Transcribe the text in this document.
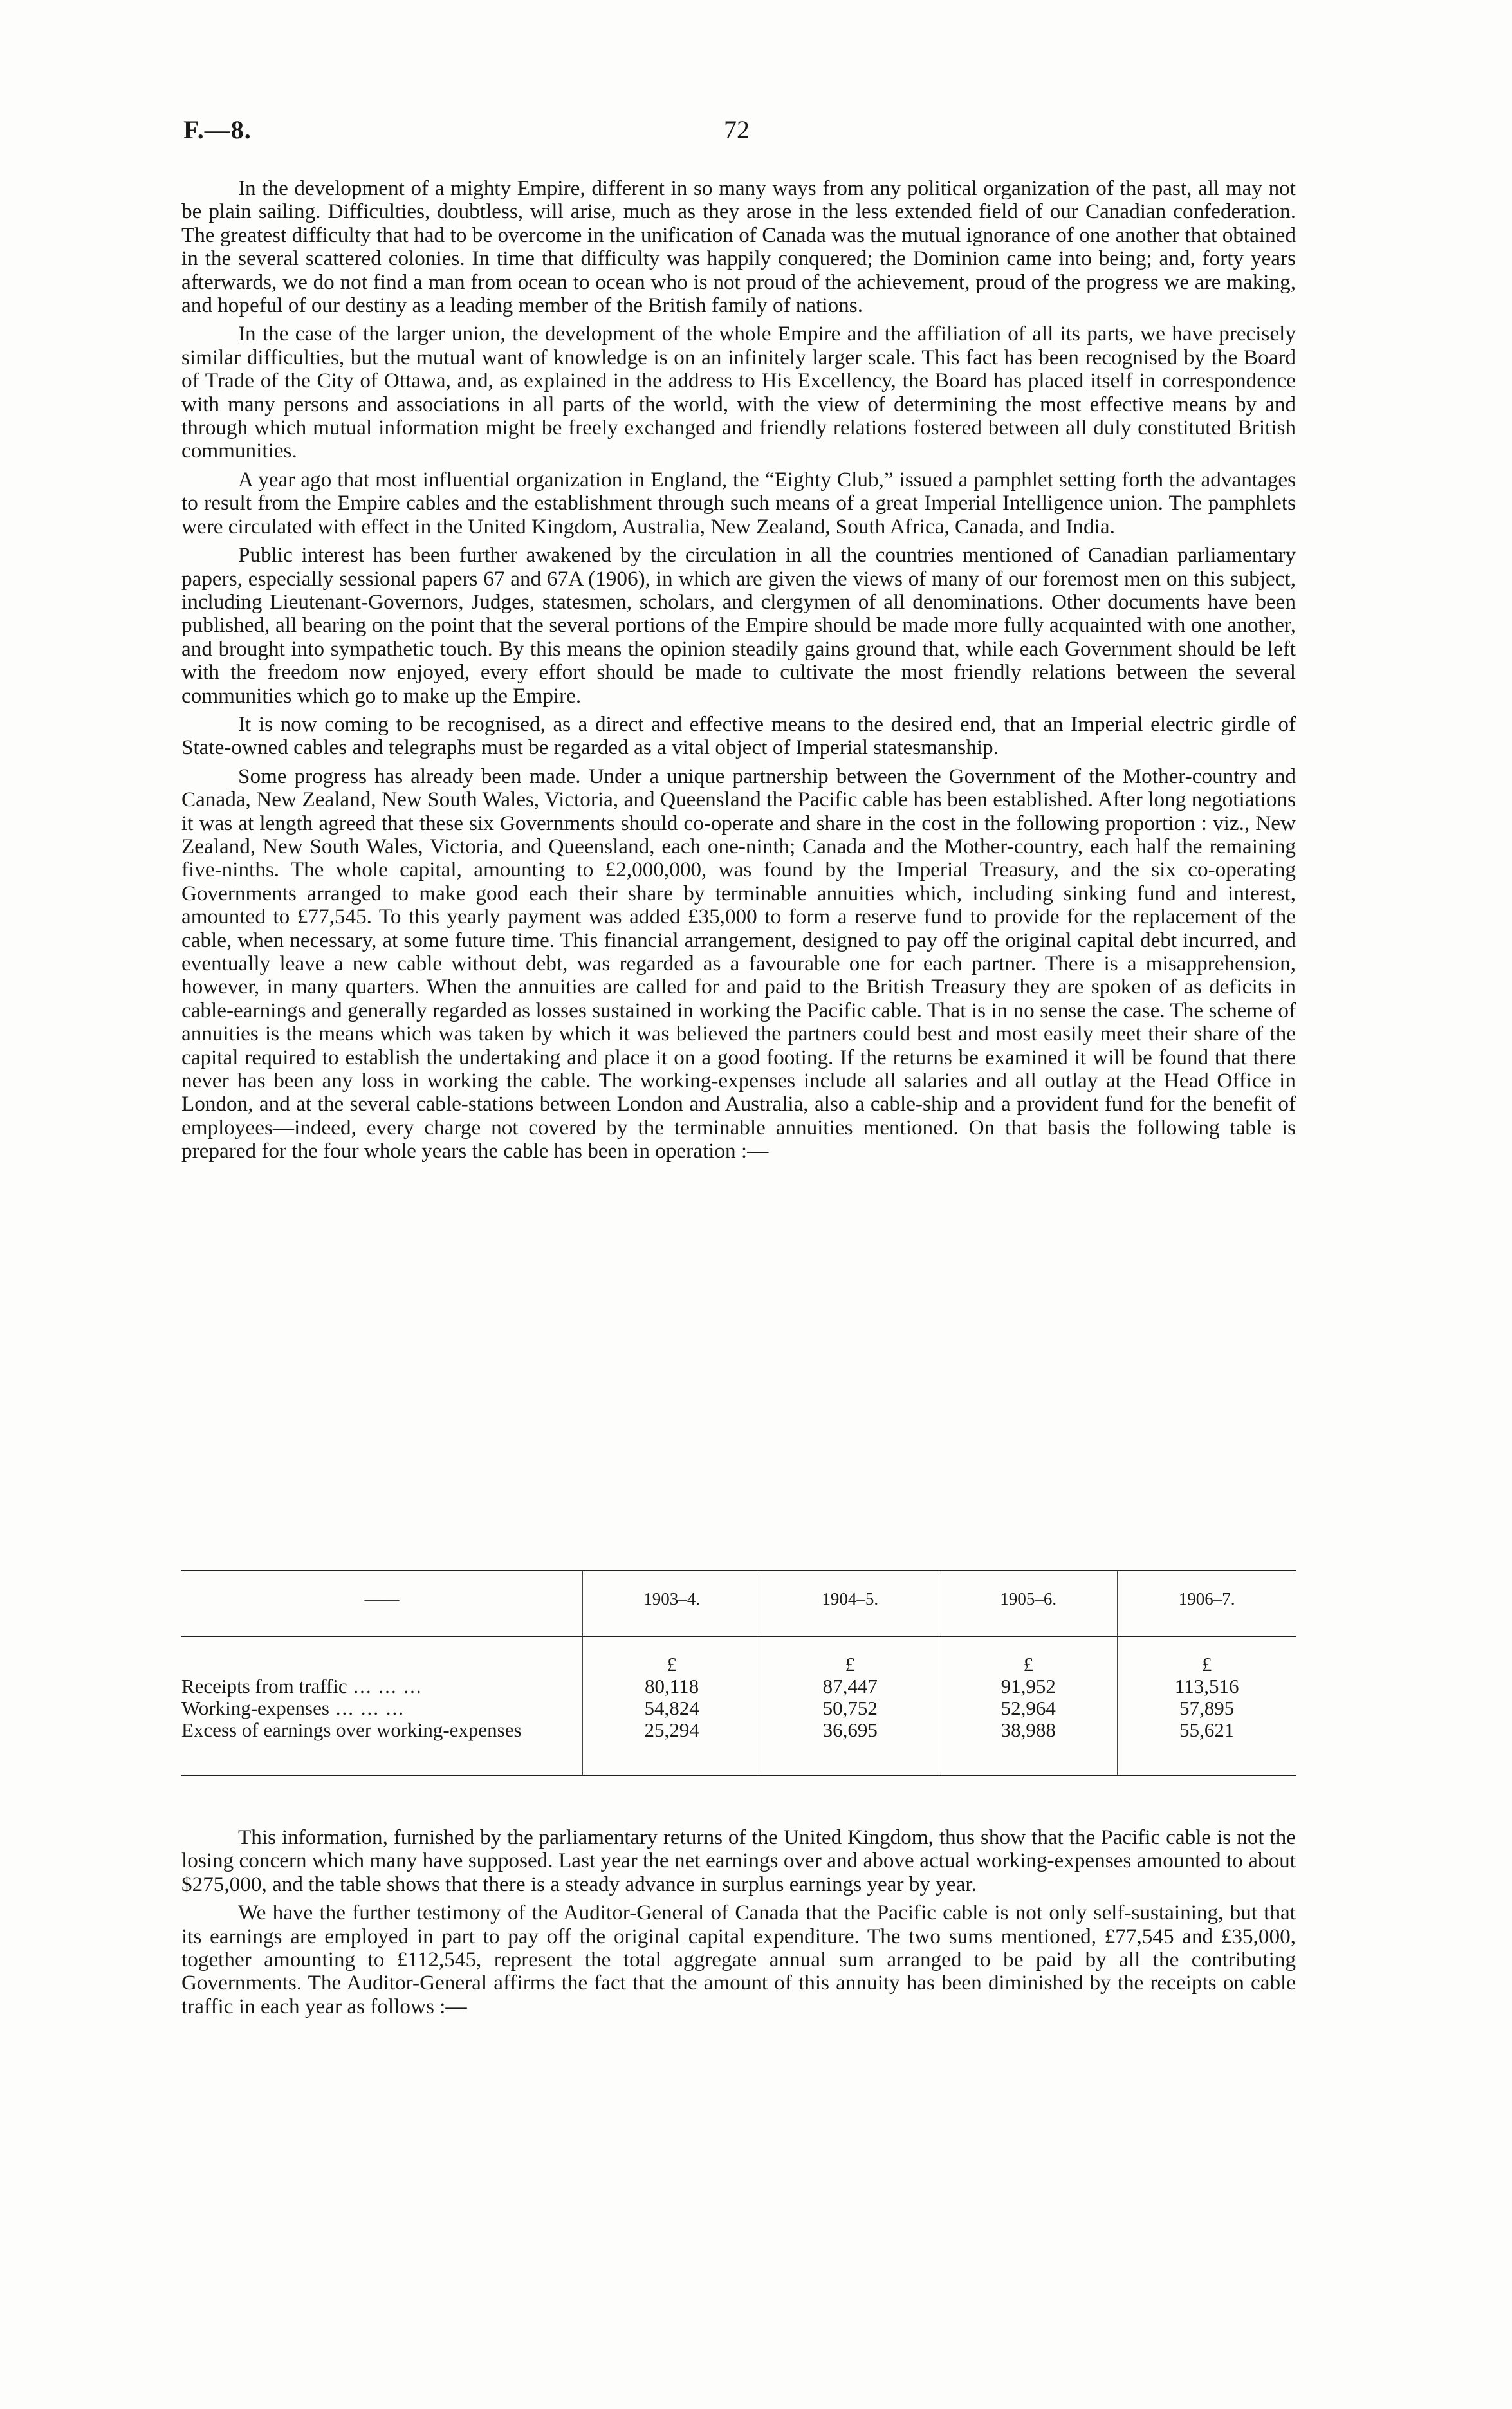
F.—8.	72

In the development of a mighty Empire, different in so many ways from any political organization of the past, all may not be plain sailing. Difficulties, doubtless, will arise, much as they arose in the less extended field of our Canadian confederation. The greatest difficulty that had to be overcome in the unification of Canada was the mutual ignorance of one another that obtained in the several scattered colonies. In time that difficulty was happily conquered; the Dominion came into being; and, forty years afterwards, we do not find a man from ocean to ocean who is not proud of the achievement, proud of the progress we are making, and hopeful of our destiny as a leading member of the British family of nations.

In the case of the larger union, the development of the whole Empire and the affiliation of all its parts, we have precisely similar difficulties, but the mutual want of knowledge is on an infinitely larger scale. This fact has been recognised by the Board of Trade of the City of Ottawa, and, as explained in the address to His Excellency, the Board has placed itself in correspondence with many persons and associations in all parts of the world, with the view of determining the most effective means by and through which mutual information might be freely exchanged and friendly relations fostered between all duly constituted British communities.

A year ago that most influential organization in England, the “Eighty Club,” issued a pamphlet setting forth the advantages to result from the Empire cables and the establishment through such means of a great Imperial Intelligence union. The pamphlets were circulated with effect in the United Kingdom, Australia, New Zealand, South Africa, Canada, and India.

Public interest has been further awakened by the circulation in all the countries mentioned of Canadian parliamentary papers, especially sessional papers 67 and 67A (1906), in which are given the views of many of our foremost men on this subject, including Lieutenant-Governors, Judges, statesmen, scholars, and clergymen of all denominations. Other documents have been published, all bearing on the point that the several portions of the Empire should be made more fully acquainted with one another, and brought into sympathetic touch. By this means the opinion steadily gains ground that, while each Government should be left with the freedom now enjoyed, every effort should be made to cultivate the most friendly relations between the several communities which go to make up the Empire.

It is now coming to be recognised, as a direct and effective means to the desired end, that an Imperial electric girdle of State-owned cables and telegraphs must be regarded as a vital object of Imperial statesmanship.

Some progress has already been made. Under a unique partnership between the Government of the Mother-country and Canada, New Zealand, New South Wales, Victoria, and Queensland the Pacific cable has been established. After long negotiations it was at length agreed that these six Governments should co-operate and share in the cost in the following proportion : viz., New Zealand, New South Wales, Victoria, and Queensland, each one-ninth; Canada and the Mother-country, each half the remaining five-ninths. The whole capital, amounting to £2,000,000, was found by the Imperial Treasury, and the six co-operating Governments arranged to make good each their share by terminable annuities which, including sinking fund and interest, amounted to £77,545. To this yearly payment was added £35,000 to form a reserve fund to provide for the replacement of the cable, when necessary, at some future time. This financial arrangement, designed to pay off the original capital debt incurred, and eventually leave a new cable without debt, was regarded as a favourable one for each partner. There is a misapprehension, however, in many quarters. When the annuities are called for and paid to the British Treasury they are spoken of as deficits in cable-earnings and generally regarded as losses sustained in working the Pacific cable. That is in no sense the case. The scheme of annuities is the means which was taken by which it was believed the partners could best and most easily meet their share of the capital required to establish the undertaking and place it on a good footing. If the returns be examined it will be found that there never has been any loss in working the cable. The working-expenses include all salaries and all outlay at the Head Office in London, and at the several cable-stations between London and Australia, also a cable-ship and a provident fund for the benefit of employees—indeed, every charge not covered by the terminable annuities mentioned. On that basis the following table is prepared for the four whole years the cable has been in operation :—

——	1903–4.	1904–5.	1905–6.	1906–7.
	£	£	£	£
Receipts from traffic ... ... ...	80,118	87,447	91,952	113,516
Working-expenses ... ... ...	54,824	50,752	52,964	57,895
Excess of earnings over working-expenses	25,294	36,695	38,988	55,621

This information, furnished by the parliamentary returns of the United Kingdom, thus show that the Pacific cable is not the losing concern which many have supposed. Last year the net earnings over and above actual working-expenses amounted to about $275,000, and the table shows that there is a steady advance in surplus earnings year by year.

We have the further testimony of the Auditor-General of Canada that the Pacific cable is not only self-sustaining, but that its earnings are employed in part to pay off the original capital expenditure. The two sums mentioned, £77,545 and £35,000, together amounting to £112,545, represent the total aggregate annual sum arranged to be paid by all the contributing Governments. The Auditor-General affirms the fact that the amount of this annuity has been diminished by the receipts on cable traffic in each year as follows :—
